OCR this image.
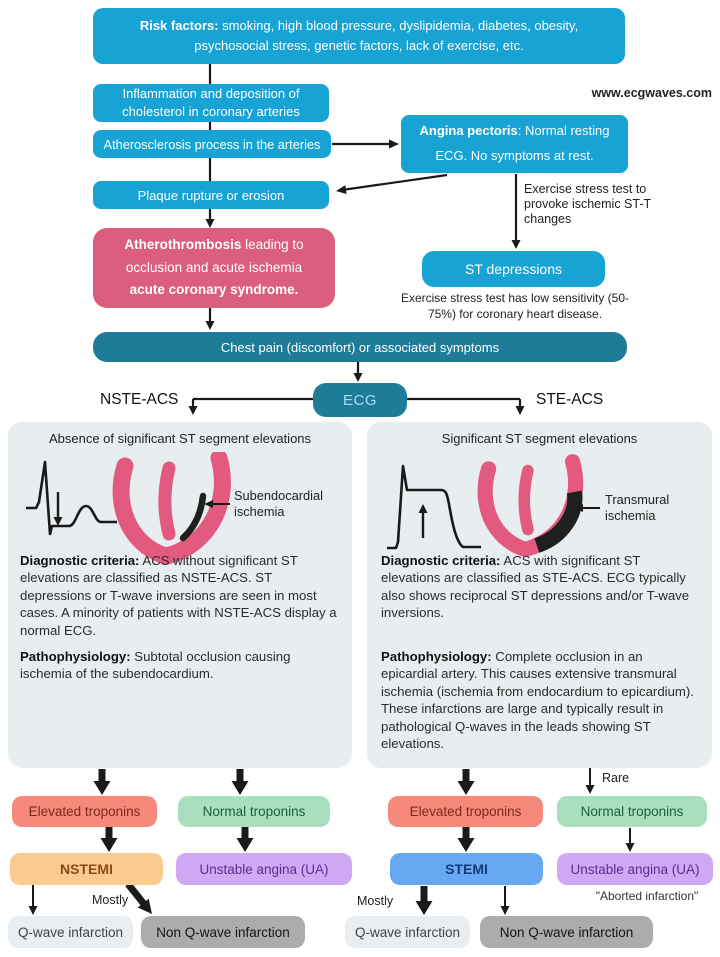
Risk factors: smoking, high blood pressure, dyslipidemia, diabetes, obesity, psychosocial stress, genetic factors, lack of exercise, etc.
www.ecgwaves.com
Inflammation and deposition of cholesterol in coronary arteries
Atherosclerosis process in the arteries
Angina pectoris: Normal resting ECG. No symptoms at rest.
Plaque rupture or erosion
Atherothrombosis leading to occlusion and acute ischemia acute coronary syndrome.
Exercise stress test to provoke ischemic ST-T changes
ST depressions
Exercise stress test has low sensitivity (50-75%) for coronary heart disease.
Chest pain (discomfort) or associated symptoms
ECG
NSTE-ACS	STE-ACS
Absence of significant ST segment elevations
Subendocardial ischemia

Diagnostic criteria: ACS without significant ST elevations are classified as NSTE-ACS. ST depressions or T-wave inversions are seen in most cases. A minority of patients with NSTE-ACS display a normal ECG.

Pathophysiology: Subtotal occlusion causing ischemia of the subendocardium.

Significant ST segment elevations
Transmural ischemia

Diagnostic criteria: ACS with significant ST elevations are classified as STE-ACS. ECG typically also shows reciprocal ST depressions and/or T-wave inversions.

Pathophysiology: Complete occlusion in an epicardial artery. This causes extensive transmural ischemia (ischemia from endocardium to epicardium). These infarctions are large and typically result in pathological Q-waves in the leads showing ST elevations.

Elevated troponins	Normal troponins
NSTEMI	Unstable angina (UA)
Mostly
Q-wave infarction Non Q-wave infarction
Rare
Elevated troponins	Normal troponins
STEMI	Unstable angina (UA)
"Aborted infarction"
Mostly
Q-wave infarction	Non Q-wave infarction
